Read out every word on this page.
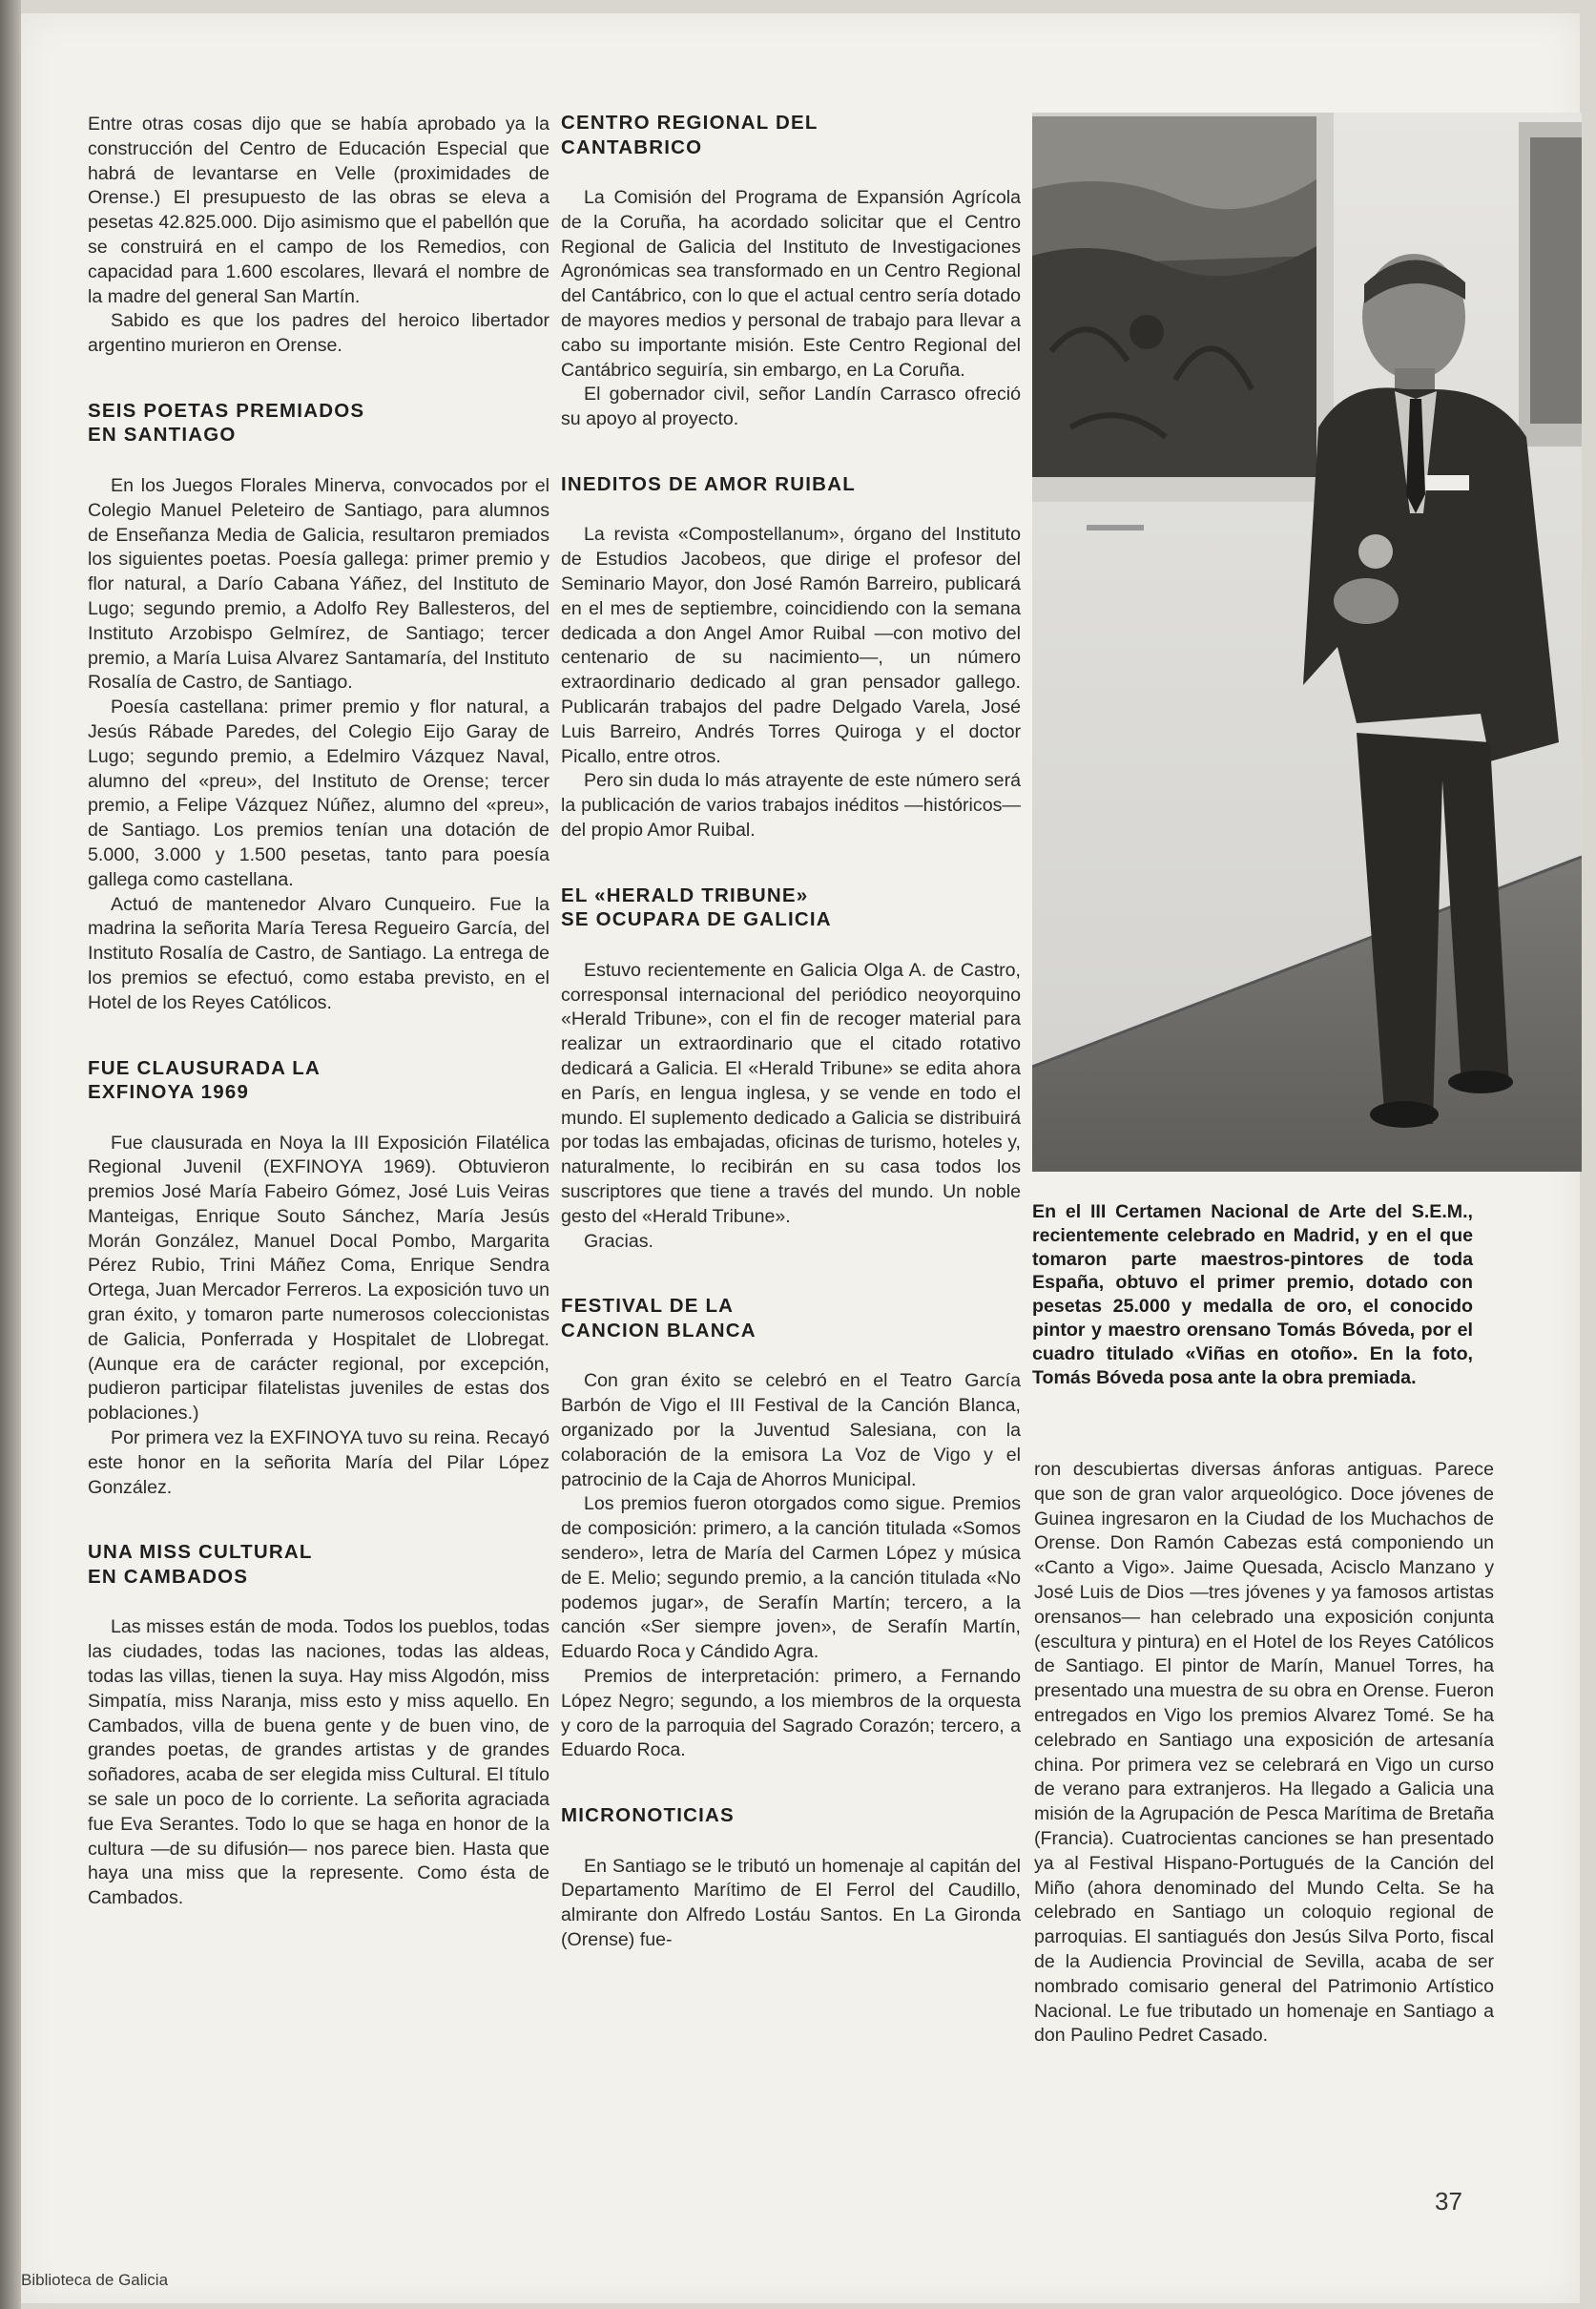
Entre otras cosas dijo que se había aprobado ya la construcción del Centro de Educación Especial que habrá de levantarse en Velle (proximidades de Orense.) El presupuesto de las obras se eleva a pesetas 42.825.000. Dijo asimismo que el pabellón que se construirá en el campo de los Remedios, con capacidad para 1.600 escolares, llevará el nombre de la madre del general San Martín.

Sabido es que los padres del heroico libertador argentino murieron en Orense.

SEIS POETAS PREMIADOS
EN SANTIAGO

En los Juegos Florales Minerva, convocados por el Colegio Manuel Peleteiro de Santiago, para alumnos de Enseñanza Media de Galicia, resultaron premiados los siguientes poetas. Poesía gallega: primer premio y flor natural, a Darío Cabana Yáñez, del Instituto de Lugo; segundo premio, a Adolfo Rey Ballesteros, del Instituto Arzobispo Gelmírez, de Santiago; tercer premio, a María Luisa Alvarez Santamaría, del Instituto Rosalía de Castro, de Santiago.

Poesía castellana: primer premio y flor natural, a Jesús Rábade Paredes, del Colegio Eijo Garay de Lugo; segundo premio, a Edelmiro Vázquez Naval, alumno del «preu», del Instituto de Orense; tercer premio, a Felipe Vázquez Núñez, alumno del «preu», de Santiago. Los premios tenían una dotación de 5.000, 3.000 y 1.500 pesetas, tanto para poesía gallega como castellana.

Actuó de mantenedor Alvaro Cunqueiro. Fue la madrina la señorita María Teresa Regueiro García, del Instituto Rosalía de Castro, de Santiago. La entrega de los premios se efectuó, como estaba previsto, en el Hotel de los Reyes Católicos.

FUE CLAUSURADA LA
EXFINOYA 1969

Fue clausurada en Noya la III Exposición Filatélica Regional Juvenil (EXFINOYA 1969). Obtuvieron premios José María Fabeiro Gómez, José Luis Veiras Manteigas, Enrique Souto Sánchez, María Jesús Morán González, Manuel Docal Pombo, Margarita Pérez Rubio, Trini Máñez Coma, Enrique Sendra Ortega, Juan Mercador Ferreros. La exposición tuvo un gran éxito, y tomaron parte numerosos coleccionistas de Galicia, Ponferrada y Hospitalet de Llobregat. (Aunque era de carácter regional, por excepción, pudieron participar filatelistas juveniles de estas dos poblaciones.)

Por primera vez la EXFINOYA tuvo su reina. Recayó este honor en la señorita María del Pilar López González.

UNA MISS CULTURAL
EN CAMBADOS

Las misses están de moda. Todos los pueblos, todas las ciudades, todas las naciones, todas las aldeas, todas las villas, tienen la suya. Hay miss Algodón, miss Simpatía, miss Naranja, miss esto y miss aquello. En Cambados, villa de buena gente y de buen vino, de grandes poetas, de grandes artistas y de grandes soñadores, acaba de ser elegida miss Cultural. El título se sale un poco de lo corriente. La señorita agraciada fue Eva Serantes. Todo lo que se haga en honor de la cultura —de su difusión— nos parece bien. Hasta que haya una miss que la represente. Como ésta de Cambados.

CENTRO REGIONAL DEL
CANTABRICO

La Comisión del Programa de Expansión Agrícola de la Coruña, ha acordado solicitar que el Centro Regional de Galicia del Instituto de Investigaciones Agronómicas sea transformado en un Centro Regional del Cantábrico, con lo que el actual centro sería dotado de mayores medios y personal de trabajo para llevar a cabo su importante misión. Este Centro Regional del Cantábrico seguiría, sin embargo, en La Coruña.

El gobernador civil, señor Landín Carrasco ofreció su apoyo al proyecto.

INEDITOS DE AMOR RUIBAL

La revista «Compostellanum», órgano del Instituto de Estudios Jacobeos, que dirige el profesor del Seminario Mayor, don José Ramón Barreiro, publicará en el mes de septiembre, coincidiendo con la semana dedicada a don Angel Amor Ruibal —con motivo del centenario de su nacimiento—, un número extraordinario dedicado al gran pensador gallego. Publicarán trabajos del padre Delgado Varela, José Luis Barreiro, Andrés Torres Quiroga y el doctor Picallo, entre otros.

Pero sin duda lo más atrayente de este número será la publicación de varios trabajos inéditos —históricos— del propio Amor Ruibal.

EL «HERALD TRIBUNE»
SE OCUPARA DE GALICIA

Estuvo recientemente en Galicia Olga A. de Castro, corresponsal internacional del periódico neoyorquino «Herald Tribune», con el fin de recoger material para realizar un extraordinario que el citado rotativo dedicará a Galicia. El «Herald Tribune» se edita ahora en París, en lengua inglesa, y se vende en todo el mundo. El suplemento dedicado a Galicia se distribuirá por todas las embajadas, oficinas de turismo, hoteles y, naturalmente, lo recibirán en su casa todos los suscriptores que tiene a través del mundo. Un noble gesto del «Herald Tribune».

Gracias.

FESTIVAL DE LA
CANCION BLANCA

Con gran éxito se celebró en el Teatro García Barbón de Vigo el III Festival de la Canción Blanca, organizado por la Juventud Salesiana, con la colaboración de la emisora La Voz de Vigo y el patrocinio de la Caja de Ahorros Municipal.

Los premios fueron otorgados como sigue. Premios de composición: primero, a la canción titulada «Somos sendero», letra de María del Carmen López y música de E. Melio; segundo premio, a la canción titulada «No podemos jugar», de Serafín Martín; tercero, a la canción «Ser siempre joven», de Serafín Martín, Eduardo Roca y Cándido Agra.

Premios de interpretación: primero, a Fernando López Negro; segundo, a los miembros de la orquesta y coro de la parroquia del Sagrado Corazón; tercero, a Eduardo Roca.

MICRONOTICIAS

En Santiago se le tributó un homenaje al capitán del Departamento Marítimo de El Ferrol del Caudillo, almirante don Alfredo Lostáu Santos. En La Gironda (Orense) fue-

ron descubiertas diversas ánforas antiguas. Parece que son de gran valor arqueológico. Doce jóvenes de Guinea ingresaron en la Ciudad de los Muchachos de Orense. Don Ramón Cabezas está componiendo un «Canto a Vigo». Jaime Quesada, Acisclo Manzano y José Luis de Dios —tres jóvenes y ya famosos artistas orensanos— han celebrado una exposición conjunta (escultura y pintura) en el Hotel de los Reyes Católicos de Santiago. El pintor de Marín, Manuel Torres, ha presentado una muestra de su obra en Orense. Fueron entregados en Vigo los premios Alvarez Tomé. Se ha celebrado en Santiago una exposición de artesanía china. Por primera vez se celebrará en Vigo un curso de verano para extranjeros. Ha llegado a Galicia una misión de la Agrupación de Pesca Marítima de Bretaña (Francia). Cuatrocientas canciones se han presentado ya al Festival Hispano-Portugués de la Canción del Miño (ahora denominado del Mundo Celta. Se ha celebrado en Santiago un coloquio regional de parroquias. El santiagués don Jesús Silva Porto, fiscal de la Audiencia Provincial de Sevilla, acaba de ser nombrado comisario general del Patrimonio Artístico Nacional. Le fue tributado un homenaje en Santiago a don Paulino Pedret Casado.

En el III Certamen Nacional de Arte del S.E.M., recientemente celebrado en Madrid, y en el que tomaron parte maestros-pintores de toda España, obtuvo el primer premio, dotado con pesetas 25.000 y medalla de oro, el conocido pintor y maestro orensano Tomás Bóveda, por el cuadro titulado «Viñas en otoño». En la foto, Tomás Bóveda posa ante la obra premiada.
37
Biblioteca de Galicia
